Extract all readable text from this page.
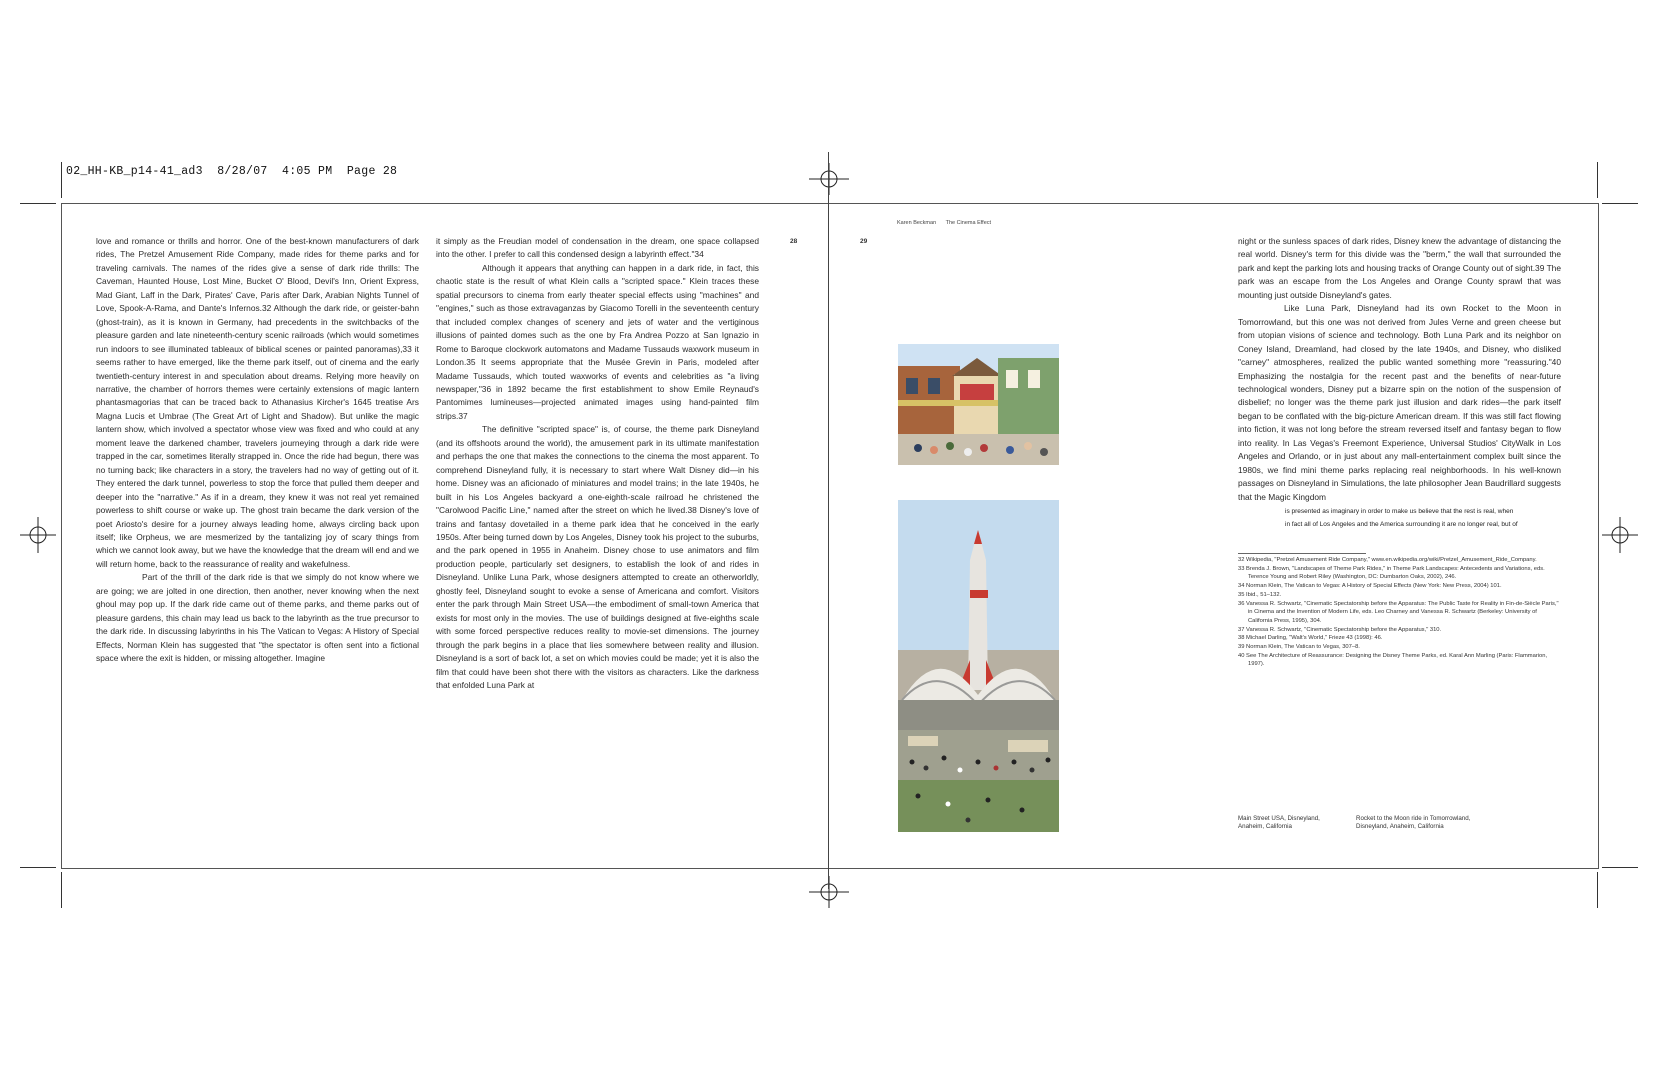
02_HH-KB_p14-41_ad3  8/28/07  4:05 PM  Page 28

love and romance or thrills and horror. One of the best-known manufacturers of dark rides, The Pretzel Amusement Ride Company, made rides for theme parks and for traveling carnivals. The names of the rides give a sense of dark ride thrills: The Caveman, Haunted House, Lost Mine, Bucket O' Blood, Devil's Inn, Orient Express, Mad Giant, Laff in the Dark, Pirates' Cave, Paris after Dark, Arabian Nights Tunnel of Love, Spook-A-Rama, and Dante's Infernos.32 Although the dark ride, or geister-bahn (ghost-train), as it is known in Germany, had precedents in the switchbacks of the pleasure garden and late nineteenth-century scenic railroads (which would sometimes run indoors to see illuminated tableaux of biblical scenes or painted panoramas),33 it seems rather to have emerged, like the theme park itself, out of cinema and the early twentieth-century interest in and speculation about dreams. Relying more heavily on narrative, the chamber of horrors themes were certainly extensions of magic lantern phantasmagorias that can be traced back to Athanasius Kircher's 1645 treatise Ars Magna Lucis et Umbrae (The Great Art of Light and Shadow). But unlike the magic lantern show, which involved a spectator whose view was fixed and who could at any moment leave the darkened chamber, travelers journeying through a dark ride were trapped in the car, sometimes literally strapped in. Once the ride had begun, there was no turning back; like characters in a story, the travelers had no way of getting out of it. They entered the dark tunnel, powerless to stop the force that pulled them deeper and deeper into the "narrative." As if in a dream, they knew it was not real yet remained powerless to shift course or wake up. The ghost train became the dark version of the poet Ariosto's desire for a journey always leading home, always circling back upon itself; like Orpheus, we are mesmerized by the tantalizing joy of scary things from which we cannot look away, but we have the knowledge that the dream will end and we will return home, back to the reassurance of reality and wakefulness.

Part of the thrill of the dark ride is that we simply do not know where we are going; we are jolted in one direction, then another, never knowing when the next ghoul may pop up. If the dark ride came out of theme parks, and theme parks out of pleasure gardens, this chain may lead us back to the labyrinth as the true precursor to the dark ride. In discussing labyrinths in his The Vatican to Vegas: A History of Special Effects, Norman Klein has suggested that "the spectator is often sent into a fictional space where the exit is hidden, or missing altogether. Imagine

it simply as the Freudian model of condensation in the dream, one space collapsed into the other. I prefer to call this condensed design a labyrinth effect."34

Although it appears that anything can happen in a dark ride, in fact, this chaotic state is the result of what Klein calls a "scripted space." Klein traces these spatial precursors to cinema from early theater special effects using "machines" and "engines," such as those extravaganzas by Giacomo Torelli in the seventeenth century that included complex changes of scenery and jets of water and the vertiginous illusions of painted domes such as the one by Fra Andrea Pozzo at San Ignazio in Rome to Baroque clockwork automatons and Madame Tussauds waxwork museum in London.35 It seems appropriate that the Musée Grevin in Paris, modeled after Madame Tussauds, which touted waxworks of events and celebrities as "a living newspaper,"36 in 1892 became the first establishment to show Emile Reynaud's Pantomimes lumineuses—projected animated images using hand-painted film strips.37

The definitive "scripted space" is, of course, the theme park Disneyland (and its offshoots around the world), the amusement park in its ultimate manifestation and perhaps the one that makes the connections to the cinema the most apparent. To comprehend Disneyland fully, it is necessary to start where Walt Disney did—in his home. Disney was an aficionado of miniatures and model trains; in the late 1940s, he built in his Los Angeles backyard a one-eighth-scale railroad he christened the "Carolwood Pacific Line," named after the street on which he lived.38 Disney's love of trains and fantasy dovetailed in a theme park idea that he conceived in the early 1950s. After being turned down by Los Angeles, Disney took his project to the suburbs, and the park opened in 1955 in Anaheim. Disney chose to use animators and film production people, particularly set designers, to establish the look of and rides in Disneyland. Unlike Luna Park, whose designers attempted to create an otherworldly, ghostly feel, Disneyland sought to evoke a sense of Americana and comfort. Visitors enter the park through Main Street USA—the embodiment of small-town America that exists for most only in the movies. The use of buildings designed at five-eighths scale with some forced perspective reduces reality to movie-set dimensions. The journey through the park begins in a place that lies somewhere between reality and illusion. Disneyland is a sort of back lot, a set on which movies could be made; yet it is also the film that could have been shot there with the visitors as characters. Like the darkness that enfolded Luna Park at

28	29
Karen Beckman The Cinema Effect

night or the sunless spaces of dark rides, Disney knew the advantage of distancing the real world. Disney's term for this divide was the "berm," the wall that surrounded the park and kept the parking lots and housing tracks of Orange County out of sight.39 The park was an escape from the Los Angeles and Orange County sprawl that was mounting just outside Disneyland's gates.

Like Luna Park, Disneyland had its own Rocket to the Moon in Tomorrowland, but this one was not derived from Jules Verne and green cheese but from utopian visions of science and technology. Both Luna Park and its neighbor on Coney Island, Dreamland, had closed by the late 1940s, and Disney, who disliked "carney" atmospheres, realized the public wanted something more "reassuring."40 Emphasizing the nostalgia for the recent past and the benefits of near-future technological wonders, Disney put a bizarre spin on the notion of the suspension of disbelief; no longer was the theme park just illusion and dark rides—the park itself began to be conflated with the big-picture American dream. If this was still fact flowing into fiction, it was not long before the stream reversed itself and fantasy began to flow into reality. In Las Vegas's Freemont Experience, Universal Studios' CityWalk in Los Angeles and Orlando, or in just about any mall-entertainment complex built since the 1980s, we find mini theme parks replacing real neighborhoods. In his well-known passages on Disneyland in Simulations, the late philosopher Jean Baudrillard suggests that the Magic Kingdom

is presented as imaginary in order to make us believe that the rest is real, when
in fact all of Los Angeles and the America surrounding it are no longer real, but of
32 Wikipedia, "Pretzel Amusement Ride Company," www.en.wikipedia.org/wiki/Pretzel_Amusement_Ride_Company.
33 Brenda J. Brown, "Landscapes of Theme Park Rides," in Theme Park Landscapes: Antecedents and Variations, eds. Terence Young and Robert Riley (Washington, DC: Dumbarton Oaks, 2002), 246.
34 Norman Klein, The Vatican to Vegas: A History of Special Effects (New York: New Press, 2004) 101.
35 Ibid., 51–132.
36 Vanessa R. Schwartz, "Cinematic Spectatorship before the Apparatus: The Public Taste for Reality in Fin-de-Siècle Paris," in Cinema and the Invention of Modern Life, eds. Leo Charney and Vanessa R. Schwartz (Berkeley: University of California Press, 1995), 304.
37 Vanessa R. Schwartz, "Cinematic Spectatorship before the Apparatus," 310.
38 Michael Darling, "Walt's World," Frieze 43 (1998): 46.
39 Norman Klein, The Vatican to Vegas, 307–8.
40 See The Architecture of Reassurance: Designing the Disney Theme Parks, ed. Karal Ann Marling (Paris: Flammarion, 1997).
Main Street USA, Disneyland, Anaheim, California
Rocket to the Moon ride in Tomorrowland, Disneyland, Anaheim, California
